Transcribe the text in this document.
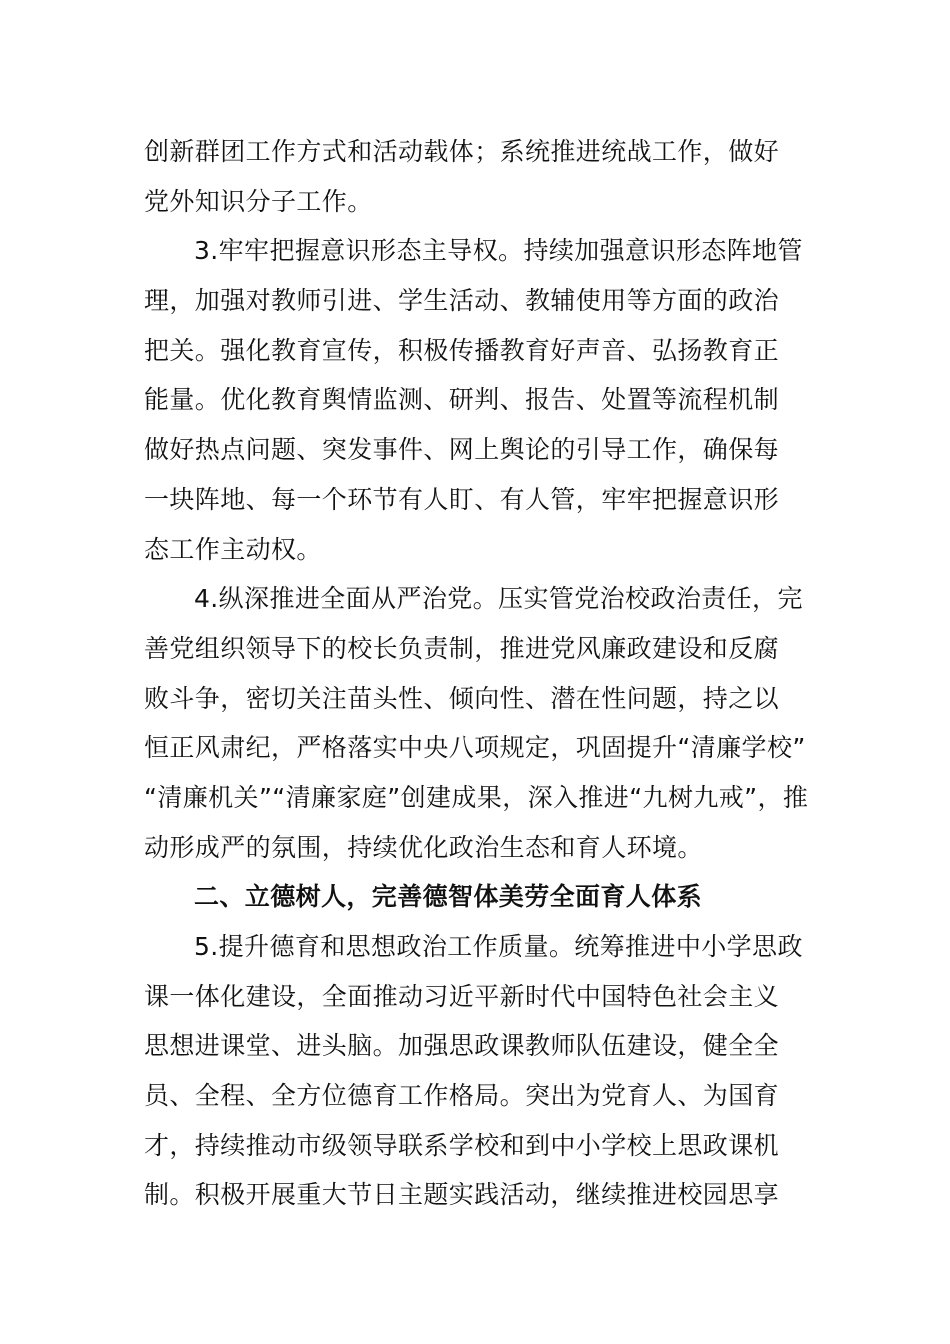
创新群团工作方式和活动载体；系统推进统战工作，做好
党外知识分子工作。
3.牢牢把握意识形态主导权。持续加强意识形态阵地管
理，加强对教师引进、学生活动、教辅使用等方面的政治
把关。强化教育宣传，积极传播教育好声音、弘扬教育正
能量。优化教育舆情监测、研判、报告、处置等流程机制
做好热点问题、突发事件、网上舆论的引导工作，确保每
一块阵地、每一个环节有人盯、有人管，牢牢把握意识形
态工作主动权。
4.纵深推进全面从严治党。压实管党治校政治责任，完
善党组织领导下的校长负责制，推进党风廉政建设和反腐
败斗争，密切关注苗头性、倾向性、潜在性问题，持之以
恒正风肃纪，严格落实中央八项规定，巩固提升“清廉学校”
“清廉机关”“清廉家庭”创建成果，深入推进“九树九戒”，推
动形成严的氛围，持续优化政治生态和育人环境。
二、立德树人，完善德智体美劳全面育人体系
5.提升德育和思想政治工作质量。统筹推进中小学思政
课一体化建设，全面推动习近平新时代中国特色社会主义
思想进课堂、进头脑。加强思政课教师队伍建设，健全全
员、全程、全方位德育工作格局。突出为党育人、为国育
才，持续推动市级领导联系学校和到中小学校上思政课机
制。积极开展重大节日主题实践活动，继续推进校园思享
